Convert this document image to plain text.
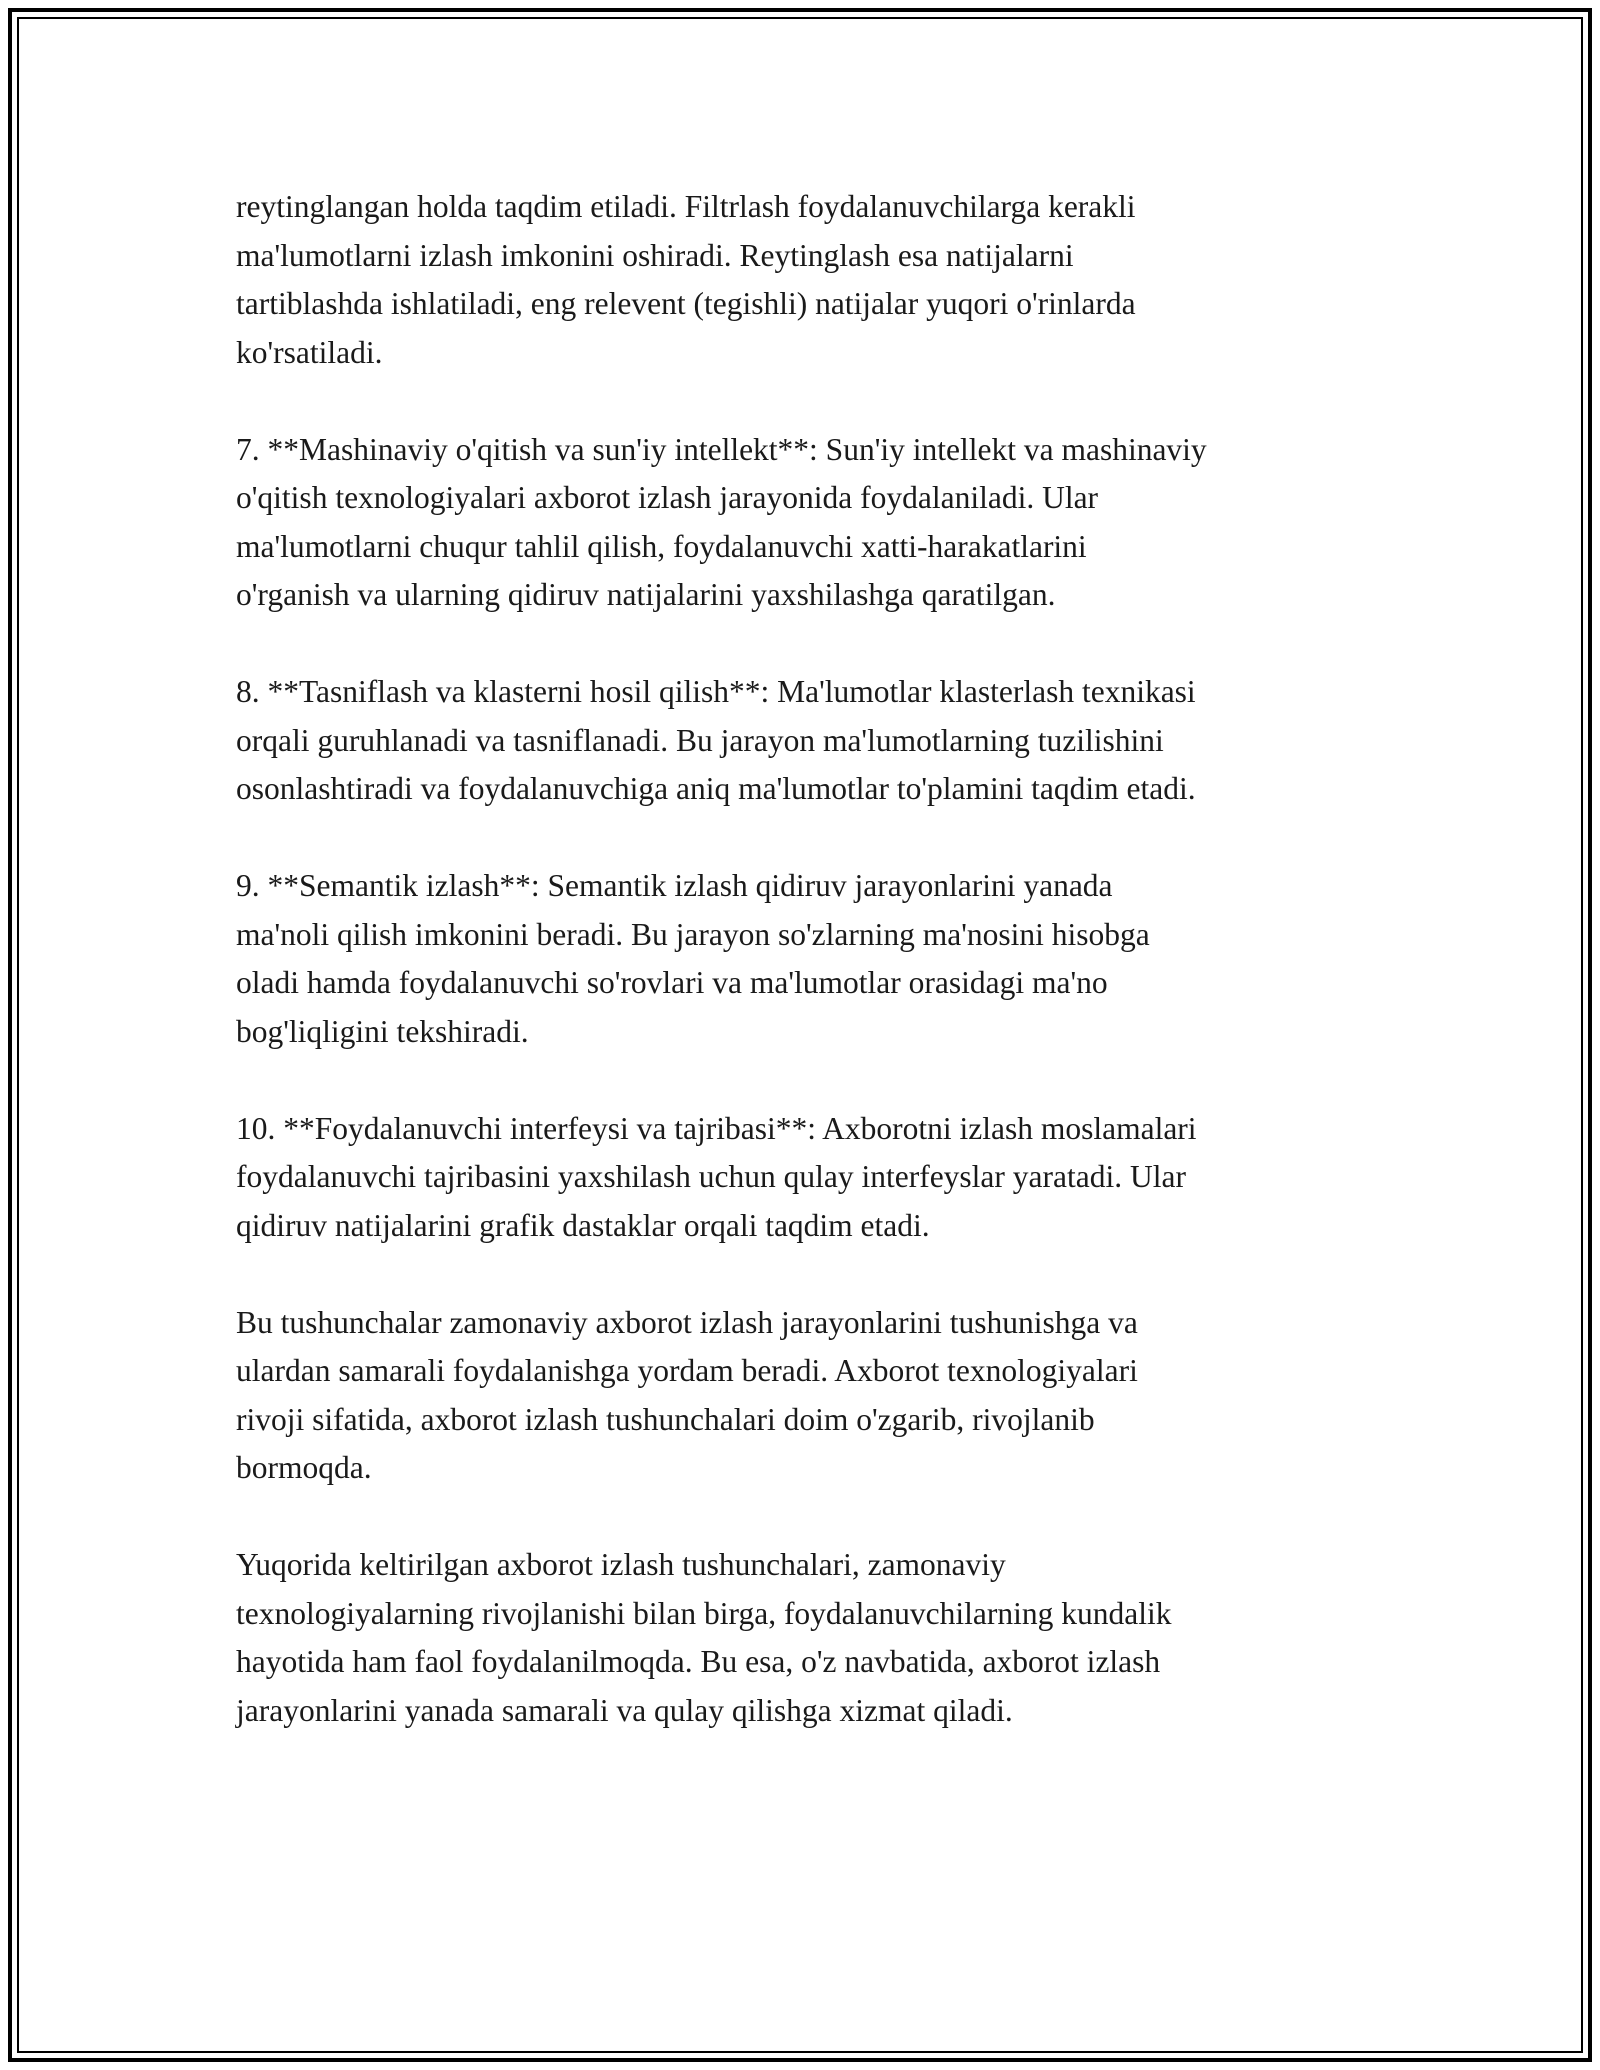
reytinglangan holda taqdim etiladi. Filtrlash foydalanuvchilarga kerakli
ma'lumotlarni izlash imkonini oshiradi. Reytinglash esa natijalarni
tartiblashda ishlatiladi, eng relevent (tegishli) natijalar yuqori o'rinlarda
ko'rsatiladi.

7. **Mashinaviy o'qitish va sun'iy intellekt**: Sun'iy intellekt va mashinaviy
o'qitish texnologiyalari axborot izlash jarayonida foydalaniladi. Ular
ma'lumotlarni chuqur tahlil qilish, foydalanuvchi xatti-harakatlarini
o'rganish va ularning qidiruv natijalarini yaxshilashga qaratilgan.

8. **Tasniflash va klasterni hosil qilish**: Ma'lumotlar klasterlash texnikasi
orqali guruhlanadi va tasniflanadi. Bu jarayon ma'lumotlarning tuzilishini
osonlashtiradi va foydalanuvchiga aniq ma'lumotlar to'plamini taqdim etadi.

9. **Semantik izlash**: Semantik izlash qidiruv jarayonlarini yanada
ma'noli qilish imkonini beradi. Bu jarayon so'zlarning ma'nosini hisobga
oladi hamda foydalanuvchi so'rovlari va ma'lumotlar orasidagi ma'no
bog'liqligini tekshiradi.

10. **Foydalanuvchi interfeysi va tajribasi**: Axborotni izlash moslamalari
foydalanuvchi tajribasini yaxshilash uchun qulay interfeyslar yaratadi. Ular
qidiruv natijalarini grafik dastaklar orqali taqdim etadi.

Bu tushunchalar zamonaviy axborot izlash jarayonlarini tushunishga va
ulardan samarali foydalanishga yordam beradi. Axborot texnologiyalari
rivoji sifatida, axborot izlash tushunchalari doim o'zgarib, rivojlanib
bormoqda.

Yuqorida keltirilgan axborot izlash tushunchalari, zamonaviy
texnologiyalarning rivojlanishi bilan birga, foydalanuvchilarning kundalik
hayotida ham faol foydalanilmoqda. Bu esa, o'z navbatida, axborot izlash
jarayonlarini yanada samarali va qulay qilishga xizmat qiladi.
